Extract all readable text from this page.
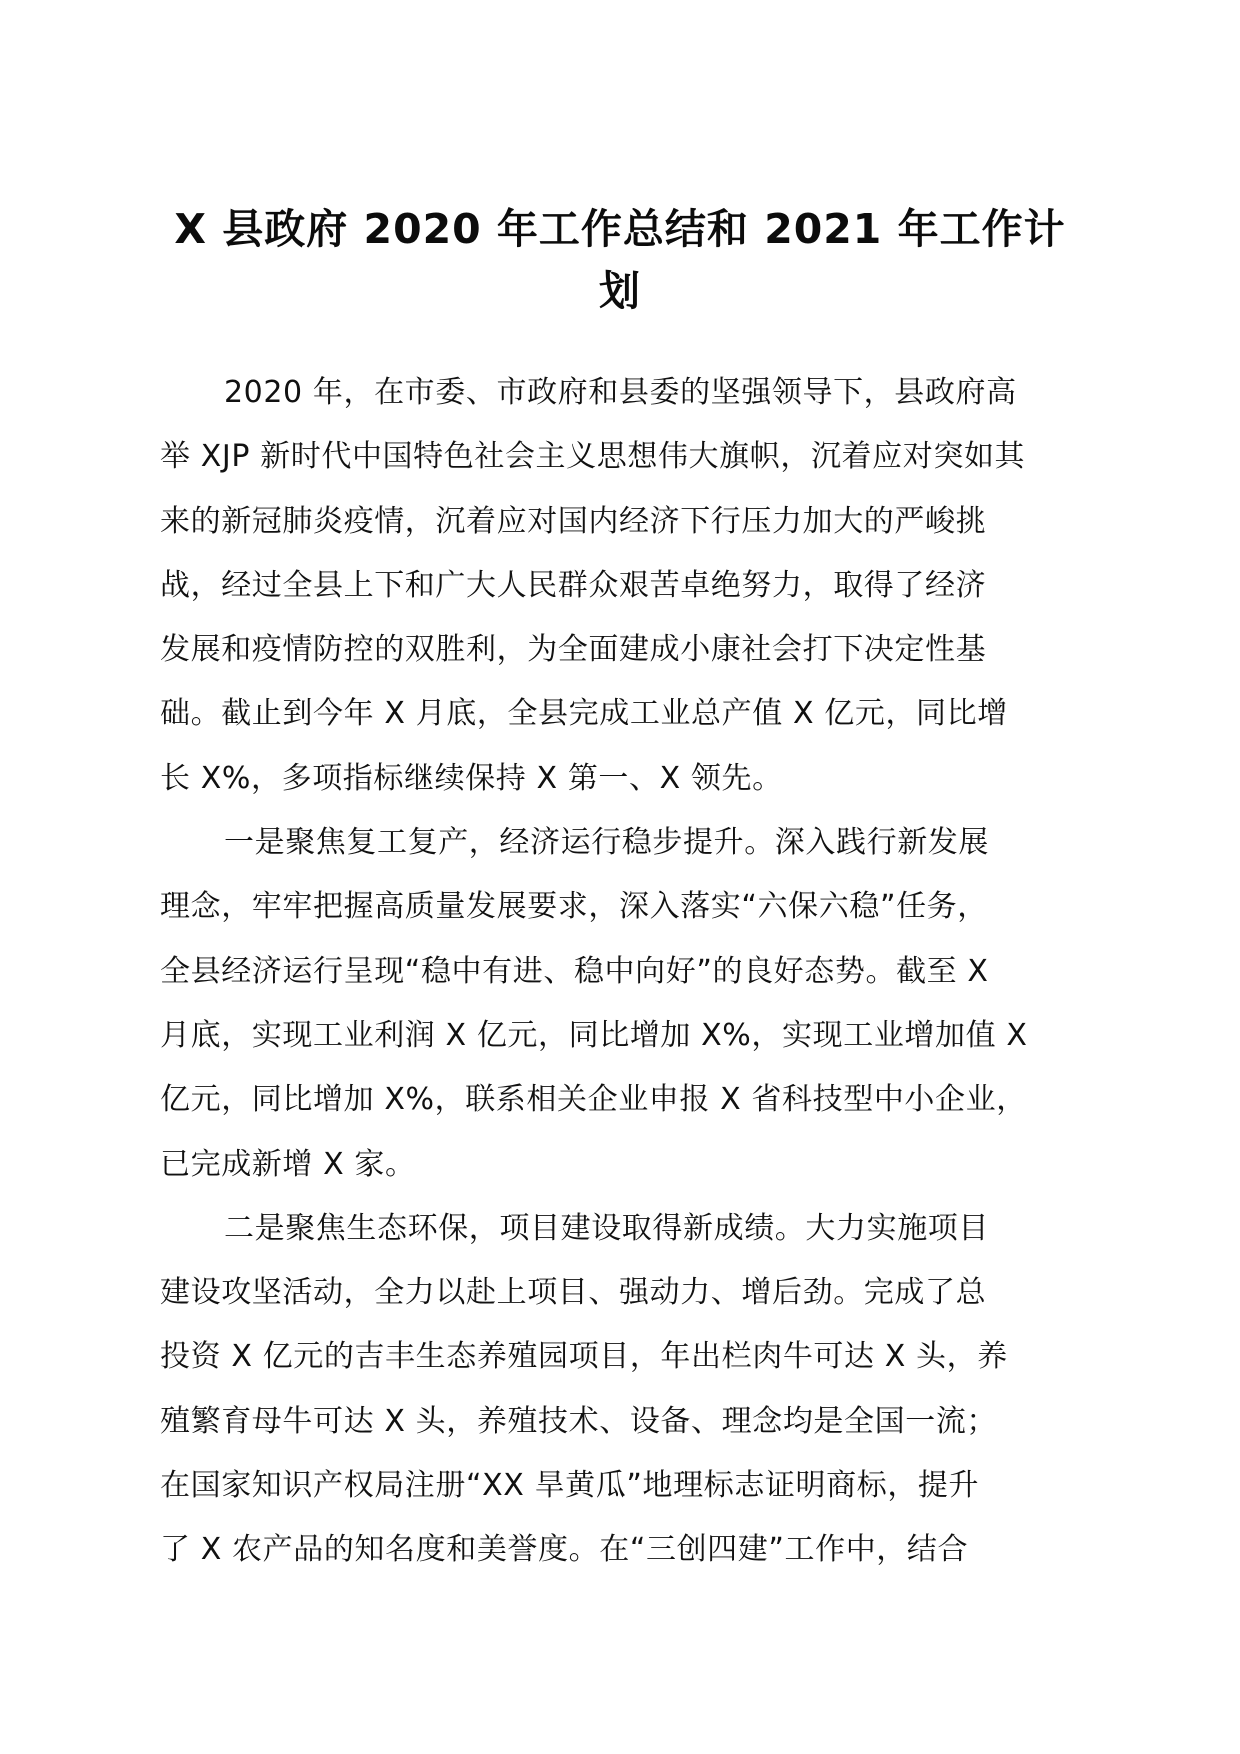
X 县政府 2020 年工作总结和 2021 年工作计
划
2020 年，在市委、市政府和县委的坚强领导下，县政府高
举 XJP 新时代中国特色社会主义思想伟大旗帜，沉着应对突如其
来的新冠肺炎疫情，沉着应对国内经济下行压力加大的严峻挑
战，经过全县上下和广大人民群众艰苦卓绝努力，取得了经济
发展和疫情防控的双胜利，为全面建成小康社会打下决定性基
础。截止到今年 X 月底，全县完成工业总产值 X 亿元，同比增
长 X%，多项指标继续保持 X 第一、X 领先。
一是聚焦复工复产，经济运行稳步提升。深入践行新发展
理念，牢牢把握高质量发展要求，深入落实“六保六稳”任务，
全县经济运行呈现“稳中有进、稳中向好”的良好态势。截至 X
月底，实现工业利润 X 亿元，同比增加 X%，实现工业增加值 X
亿元，同比增加 X%，联系相关企业申报 X 省科技型中小企业，
已完成新增 X 家。
二是聚焦生态环保，项目建设取得新成绩。大力实施项目
建设攻坚活动，全力以赴上项目、强动力、增后劲。完成了总
投资 X 亿元的吉丰生态养殖园项目，年出栏肉牛可达 X 头，养
殖繁育母牛可达 X 头，养殖技术、设备、理念均是全国一流；
在国家知识产权局注册“XX 旱黄瓜”地理标志证明商标，提升
了 X 农产品的知名度和美誉度。在“三创四建”工作中，结合
